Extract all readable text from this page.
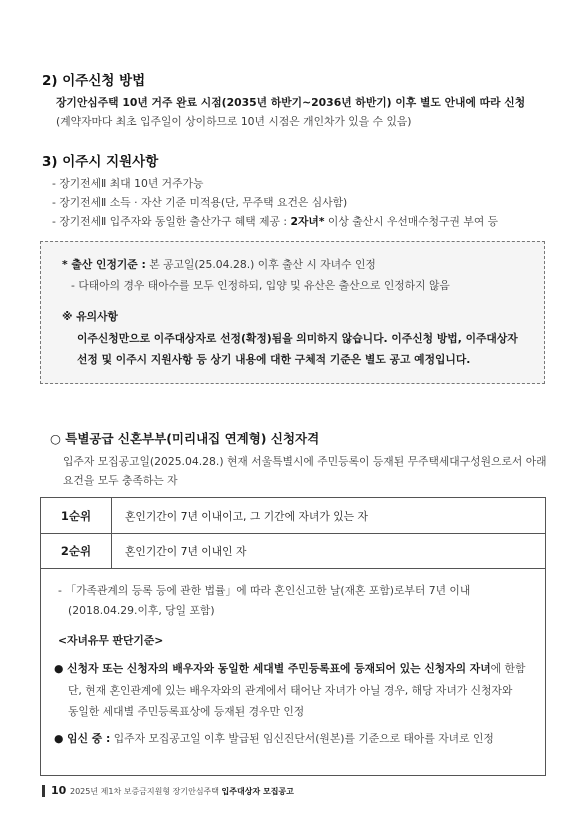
2) 이주신청 방법
장기안심주택 10년 거주 완료 시점(2035년 하반기~2036년 하반기) 이후 별도 안내에 따라 신청
(계약자마다 최초 입주일이 상이하므로 10년 시점은 개인차가 있을 수 있음)
3) 이주시 지원사항
- 장기전세Ⅱ 최대 10년 거주가능
- 장기전세Ⅱ 소득 · 자산 기준 미적용(단, 무주택 요건은 심사함)
- 장기전세Ⅱ 입주자와 동일한 출산가구 혜택 제공 : 2자녀* 이상 출산시 우선매수청구권 부여 등
* 출산 인정기준 : 본 공고일(25.04.28.) 이후 출산 시 자녀수 인정
- 다태아의 경우 태아수를 모두 인정하되, 입양 및 유산은 출산으로 인정하지 않음
※ 유의사항
이주신청만으로 이주대상자로 선정(확정)됨을 의미하지 않습니다. 이주신청 방법, 이주대상자
선정 및 이주시 지원사항 등 상기 내용에 대한 구체적 기준은 별도 공고 예정입니다.
○ 특별공급 신혼부부(미리내집 연계형) 신청자격
입주자 모집공고일(2025.04.28.) 현재 서울특별시에 주민등록이 등재된 무주택세대구성원으로서 아래
요건을 모두 충족하는 자
1순위	혼인기간이 7년 이내이고, 그 기간에 자녀가 있는 자
2순위	혼인기간이 7년 이내인 자
- 「가족관계의 등록 등에 관한 법률」에 따라 혼인신고한 날(재혼 포함)로부터 7년 이내
(2018.04.29.이후, 당일 포함)
<자녀유무 판단기준>
● 신청자 또는 신청자의 배우자와 동일한 세대별 주민등록표에 등재되어 있는 신청자의 자녀에 한함
단, 현재 혼인관계에 있는 배우자와의 관계에서 태어난 자녀가 아닐 경우, 해당 자녀가 신청자와
동일한 세대별 주민등록표상에 등재된 경우만 인정
● 임신 중 : 입주자 모집공고일 이후 발급된 임신진단서(원본)를 기준으로 태아를 자녀로 인정
10 2025년 제1차 보증금지원형 장기안심주택 입주대상자 모집공고
